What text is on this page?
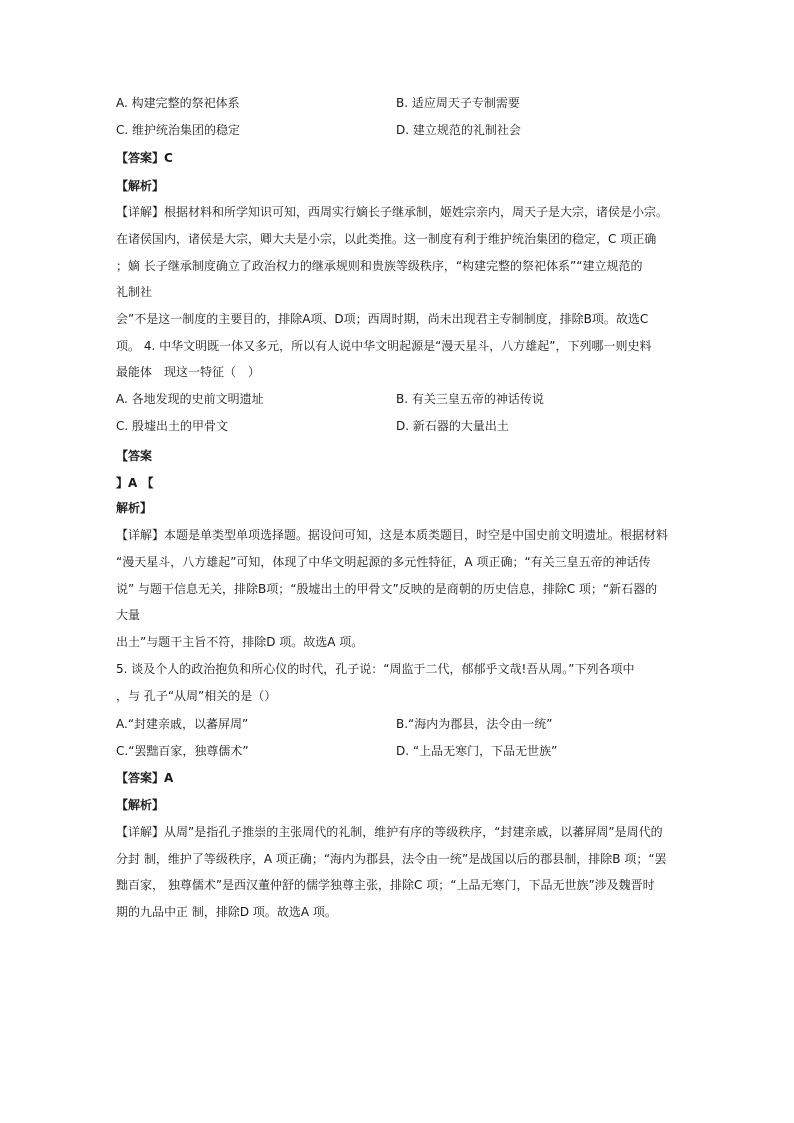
A. 构建完整的祭祀体系	B. 适应周天子专制需要

C. 维护统治集团的稳定	D. 建立规范的礼制社会

【答案】C

【解析】

【详解】根据材料和所学知识可知，西周实行嫡长子继承制，姬姓宗亲内，周天子是大宗，诸侯是小宗。

在诸侯国内，诸侯是大宗，卿大夫是小宗，以此类推。这一制度有利于维护统治集团的稳定，C 项正确

；嫡 长子继承制度确立了政治权力的继承规则和贵族等级秩序，“构建完整的祭祀体系”“建立规范的

礼制社

会”不是这一制度的主要目的，排除A项、D项；西周时期，尚未出现君主专制制度，排除B项。故选C

项。 4. 中华文明既一体又多元，所以有人说中华文明起源是“漫天星斗，八方雄起”，下列哪一则史料

最能体　现这一特征（　）

A. 各地发现的史前文明遗址	B. 有关三皇五帝的神话传说

C. 殷墟出土的甲骨文	D. 新石器的大量出土

【答案

】A 【

解析】

【详解】本题是单类型单项选择题。据设问可知，这是本质类题目，时空是中国史前文明遗址。根据材料

“漫天星斗，八方雄起”可知，体现了中华文明起源的多元性特征，A 项正确；“有关三皇五帝的神话传

说” 与题干信息无关，排除B项；“殷墟出土的甲骨文”反映的是商朝的历史信息，排除C 项；“新石器的

大量

出土”与题干主旨不符，排除D 项。故选A 项。

5. 谈及个人的政治抱负和所心仪的时代，孔子说：“周监于二代，郁郁乎文哉!吾从周。”下列各项中

，与 孔子“从周”相关的是（）

A.“封建亲戚，以蕃屏周”	B.“海内为郡县，法令由一统”

C.“罢黜百家，独尊儒术”	D. “上品无寒门，下品无世族”

【答案】A

【解析】

【详解】从周”是指孔子推崇的主张周代的礼制，维护有序的等级秩序，“封建亲戚，以蕃屏周”是周代的

分封 制，维护了等级秩序，A 项正确；“海内为郡县，法令由一统”是战国以后的郡县制，排除B 项；“罢

黜百家， 独尊儒术”是西汉董仲舒的儒学独尊主张，排除C 项；“上品无寒门，下品无世族”涉及魏晋时

期的九品中正 制，排除D 项。故选A 项。
